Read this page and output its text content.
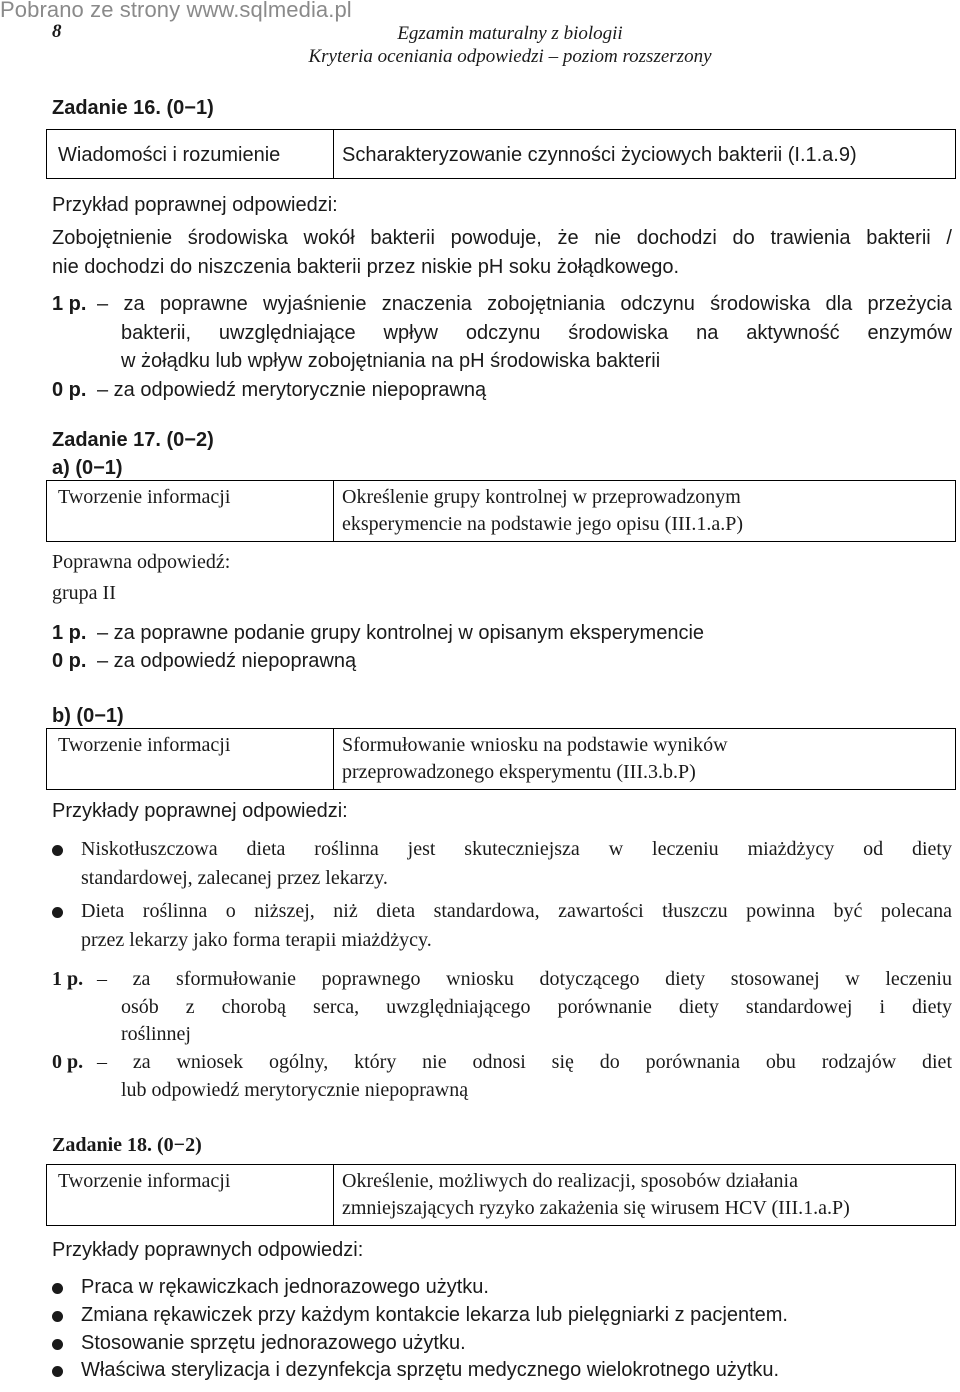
Pobrano ze strony www.sqlmedia.pl
8	Egzamin maturalny z biologii
Kryteria oceniania odpowiedzi – poziom rozszerzony
Zadanie 16. (0−1)
Wiadomości i rozumienie	Scharakteryzowanie czynności życiowych bakterii (I.1.a.9)
Przykład poprawnej odpowiedzi:
Zobojętnienie środowiska wokół bakterii powoduje, że nie dochodzi do trawienia bakterii /
nie dochodzi do niszczenia bakterii przez niskie pH soku żołądkowego.
1 p. – za poprawne wyjaśnienie znaczenia zobojętniania odczynu środowiska dla przeżycia
bakterii, uwzględniające wpływ odczynu środowiska na aktywność enzymów
w żołądku lub wpływ zobojętniania na pH środowiska bakterii
0 p. – za odpowiedź merytorycznie niepoprawną
Zadanie 17. (0−2)
a) (0−1)
Tworzenie informacji	Określenie grupy kontrolnej w przeprowadzonym
eksperymencie na podstawie jego opisu (III.1.a.P)
Poprawna odpowiedź:
grupa II
1 p. – za poprawne podanie grupy kontrolnej w opisanym eksperymencie
0 p. – za odpowiedź niepoprawną
b) (0−1)
Tworzenie informacji	Sformułowanie wniosku na podstawie wyników
przeprowadzonego eksperymentu (III.3.b.P)
Przykłady poprawnej odpowiedzi:
Niskotłuszczowa dieta roślinna jest skuteczniejsza w leczeniu miażdżycy od diety
standardowej, zalecanej przez lekarzy.
Dieta roślinna o niższej, niż dieta standardowa, zawartości tłuszczu powinna być polecana
przez lekarzy jako forma terapii miażdżycy.
1 p. – za sformułowanie poprawnego wniosku dotyczącego diety stosowanej w leczeniu
osób z chorobą serca, uwzględniającego porównanie diety standardowej i diety
roślinnej
0 p. – za wniosek ogólny, który nie odnosi się do porównania obu rodzajów diet
lub odpowiedź merytorycznie niepoprawną
Zadanie 18. (0−2)
Tworzenie informacji	Określenie, możliwych do realizacji, sposobów działania
zmniejszających ryzyko zakażenia się wirusem HCV (III.1.a.P)
Przykłady poprawnych odpowiedzi:
Praca w rękawiczkach jednorazowego użytku.
Zmiana rękawiczek przy każdym kontakcie lekarza lub pielęgniarki z pacjentem.
Stosowanie sprzętu jednorazowego użytku.
Właściwa sterylizacja i dezynfekcja sprzętu medycznego wielokrotnego użytku.
